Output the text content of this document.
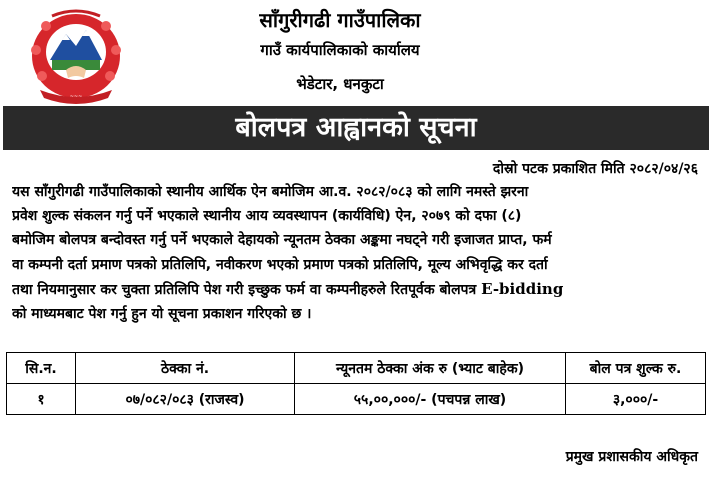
~~~
साँगुरीगढी गाउँपालिका
गाउँ कार्यपालिकाको कार्यालय
भेडेटार, धनकुटा
बोलपत्र आह्वानको सूचना
दोस्रो पटक प्रकाशित मिति २०८२/०४/२६
यस साँगुरीगढी गाउँपालिकाको स्थानीय आर्थिक ऐन बमोजिम आ.व. २०८२/०८३ को लागि नमस्ते झरना
प्रवेश शुल्क संकलन गर्नु पर्ने भएकाले स्थानीय आय व्यवस्थापन (कार्यविधि) ऐन, २०७९ को दफा (८)
बमोजिम बोलपत्र बन्दोवस्त गर्नु पर्ने भएकाले देहायको न्यूनतम ठेक्का अङ्कमा नघट्ने गरी इजाजत प्राप्त, फर्म
वा कम्पनी दर्ता प्रमाण पत्रको प्रतिलिपि, नवीकरण भएको प्रमाण पत्रको प्रतिलिपि, मूल्य अभिवृद्धि कर दर्ता
तथा नियमानुसार कर चुक्ता प्रतिलिपि पेश गरी इच्छुक फर्म वा कम्पनीहरुले रितपूर्वक बोलपत्र E-bidding
को माध्यमबाट पेश गर्नु हुन यो सूचना प्रकाशन गरिएको छ ।
सि.न.	ठेक्का नं.	न्यूनतम ठेक्का अंक रु (भ्याट बाहेक)	बोल पत्र शुल्क रु.
१	०७/०८२/०८३ (राजस्व)	५५,००,०००/- (पचपन्न लाख)	३,०००/-
प्रमुख प्रशासकीय अधिकृत
